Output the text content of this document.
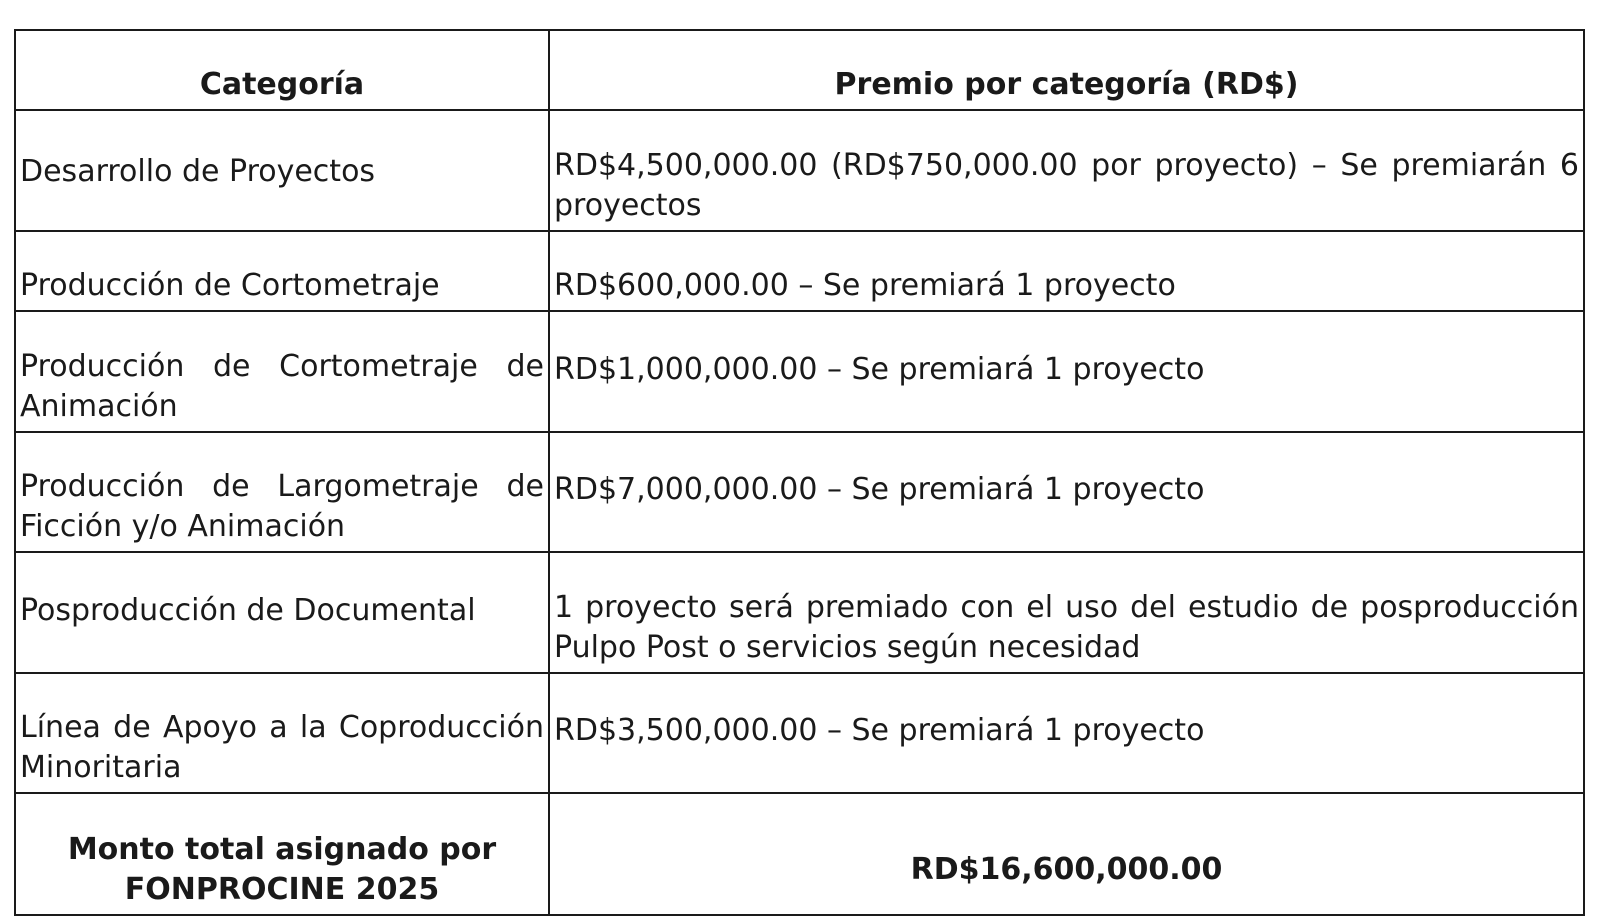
Categoría	Premio por categoría (RD$)
Desarrollo de Proyectos	RD$4,500,000.00 (RD$750,000.00 por proyecto) – Se premiarán 6 proyectos
Producción de Cortometraje	RD$600,000.00 – Se premiará 1 proyecto
Producción de Cortometraje de Animación	RD$1,000,000.00 – Se premiará 1 proyecto
Producción de Largometraje de Ficción y/o Animación	RD$7,000,000.00 – Se premiará 1 proyecto
Posproducción de Documental	1 proyecto será premiado con el uso del estudio de posproducción Pulpo Post o servicios según necesidad
Línea de Apoyo a la Coproducción Minoritaria	RD$3,500,000.00 – Se premiará 1 proyecto
Monto total asignado por FONPROCINE 2025	RD$16,600,000.00
